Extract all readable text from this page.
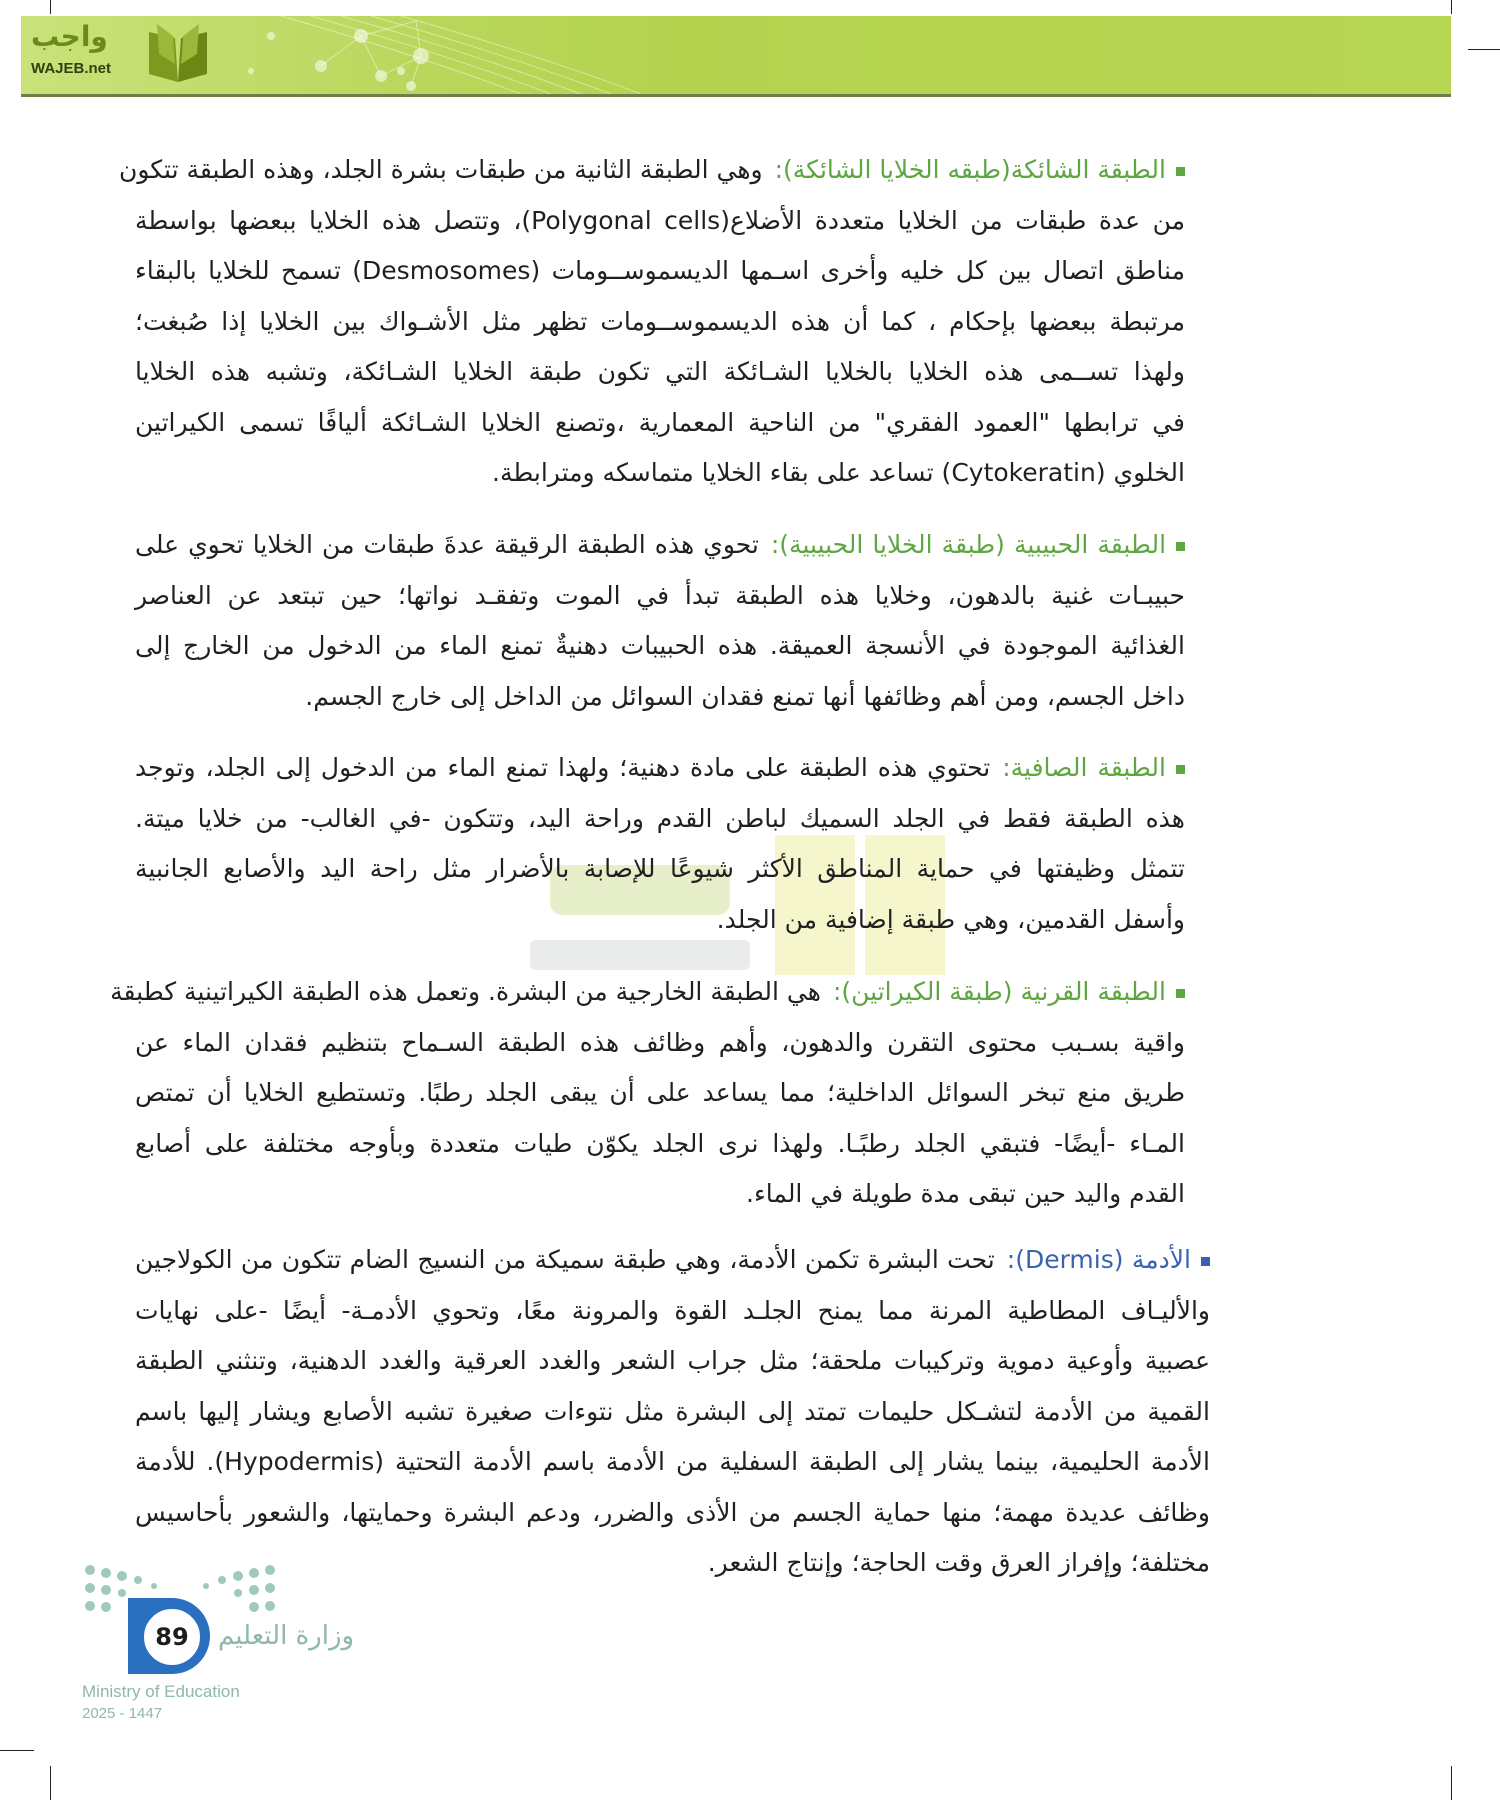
واجب
WAJEB.net
الطبقة الشائكة(طبقه الخلايا الشائكة):وهي الطبقة الثانية من طبقات بشرة الجلد، وهذه الطبقة تتكون
من عدة طبقات من الخلايا متعددة الأضلاع(Polygonal cells)، وتتصل هذه الخلايا ببعضها بواسطة
مناطق اتصال بين كل خليه وأخرى اسـمها الديسموســومات (Desmosomes) تسمح للخلايا بالبقاء
مرتبطة ببعضها بإحكام ، كما أن هذه الديسموســومات تظهر مثل الأشـواك بين الخلايا إذا صُبغت؛
ولهذا تســمى هذه الخلايا بالخلايا الشـائكة التي تكون طبقة الخلايا الشـائكة، وتشبه هذه الخلايا
في ترابطها "العمود الفقري" من الناحية المعمارية ،وتصنع الخلايا الشـائكة أليافًا تسمى الكيراتين
الخلوي (Cytokeratin) تساعد على بقاء الخلايا متماسكه ومترابطة.
الطبقة الحبيبية (طبقة الخلايا الحبيبية):تحوي هذه الطبقة الرقيقة عدةَ طبقات من الخلايا تحوي على
حبيبـات غنية بالدهون، وخلايا هذه الطبقة تبدأ في الموت وتفقـد نواتها؛ حين تبتعد عن العناصر
الغذائية الموجودة في الأنسجة العميقة. هذه الحبيبات دهنيةٌ تمنع الماء من الدخول من الخارج إلى
داخل الجسم، ومن أهم وظائفها أنها تمنع فقدان السوائل من الداخل إلى خارج الجسم.
الطبقة الصافية:تحتوي هذه الطبقة على مادة دهنية؛ ولهذا تمنع الماء من الدخول إلى الجلد، وتوجد
هذه الطبقة فقط في الجلد السميك لباطن القدم وراحة اليد، وتتكون -في الغالب- من خلايا ميتة.
تتمثل وظيفتها في حماية المناطق الأكثر شيوعًا للإصابة بالأضرار مثل راحة اليد والأصابع الجانبية
وأسفل القدمين، وهي طبقة إضافية من الجلد.
الطبقة القرنية (طبقة الكيراتين):هي الطبقة الخارجية من البشرة. وتعمل هذه الطبقة الكيراتينية كطبقة
واقية بسـبب محتوى التقرن والدهون، وأهم وظائف هذه الطبقة السـماح بتنظيم فقدان الماء عن
طريق منع تبخر السوائل الداخلية؛ مما يساعد على أن يبقى الجلد رطبًا. وتستطيع الخلايا أن تمتص
المـاء -أيضًا- فتبقي الجلد رطبًـا. ولهذا نرى الجلد يكوّن طيات متعددة وبأوجه مختلفة على أصابع
القدم واليد حين تبقى مدة طويلة في الماء.
الأدمة (Dermis):تحت البشرة تكمن الأدمة، وهي طبقة سميكة من النسيج الضام تتكون من الكولاجين
والأليـاف المطاطية المرنة مما يمنح الجلـد القوة والمرونة معًا، وتحوي الأدمـة- أيضًا -على نهايات
عصبية وأوعية دموية وتركيبات ملحقة؛ مثل جراب الشعر والغدد العرقية والغدد الدهنية، وتنثني الطبقة
القمية من الأدمة لتشـكل حليمات تمتد إلى البشرة مثل نتوءات صغيرة تشبه الأصابع ويشار إليها باسم
الأدمة الحليمية، بينما يشار إلى الطبقة السفلية من الأدمة باسم الأدمة التحتية (Hypodermis). للأدمة
وظائف عديدة مهمة؛ منها حماية الجسم من الأذى والضرر، ودعم البشرة وحمايتها، والشعور بأحاسيس
مختلفة؛ وإفراز العرق وقت الحاجة؛ وإنتاج الشعر.
89	وزارة التعليم
Ministry of Education
2025 - 1447
